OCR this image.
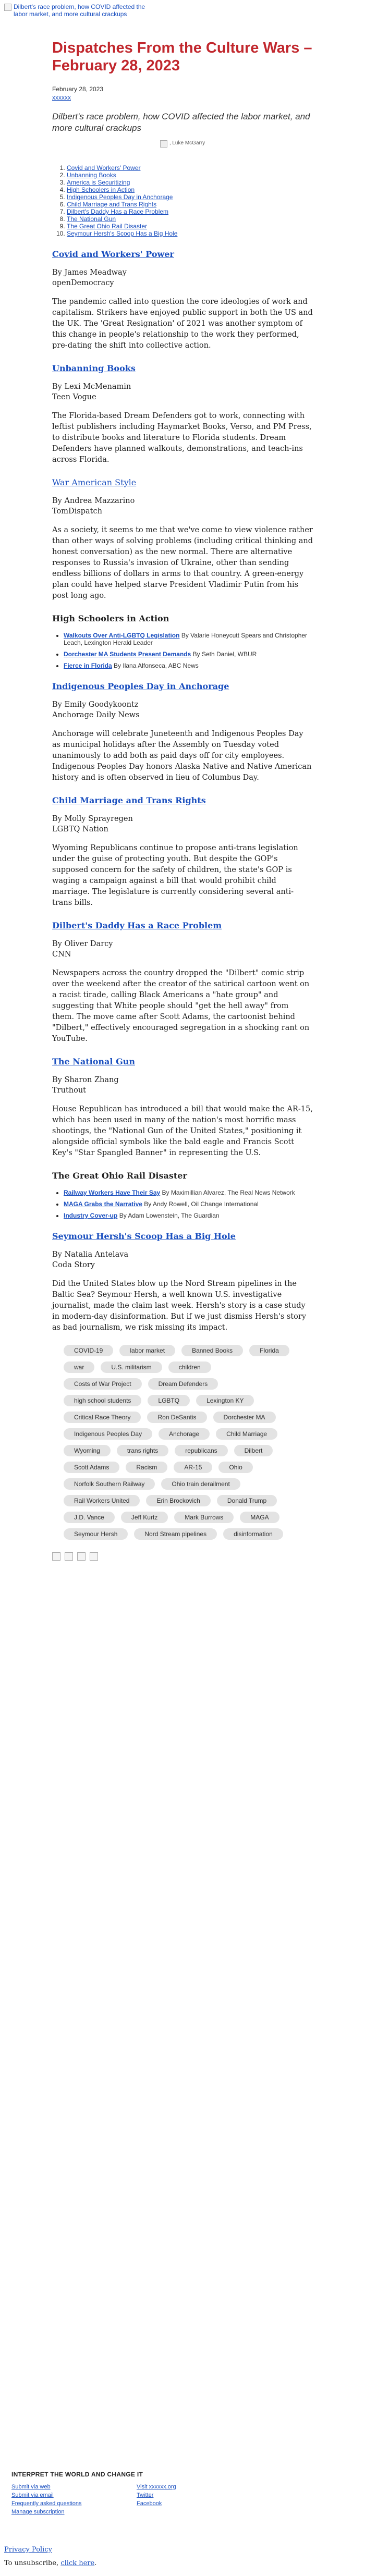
Dilbert's race problem, how COVID affected the labor market, and more cultural crackups
Dispatches From the Culture Wars – February 28, 2023
February 28, 2023
xxxxxx

Dilbert's race problem, how COVID affected the labor market, and more cultural crackups

, Luke McGarry
1. Covid and Workers' Power
2. Unbanning Books
3. America is Securitizing
4. High Schoolers in Action
5. Indigenous Peoples Day in Anchorage
6. Child Marriage and Trans Rights
7. Dilbert's Daddy Has a Race Problem
8. The National Gun
9. The Great Ohio Rail Disaster
10. Seymour Hersh's Scoop Has a Big Hole
Covid and Workers' Power
By James Meadway
openDemocracy

The pandemic called into question the core ideologies of work and capitalism. Strikers have enjoyed public support in both the US and the UK. The 'Great Resignation' of 2021 was another symptom of this change in people's relationship to the work they performed, pre-dating the shift into collective action.

Unbanning Books
By Lexi McMenamin
Teen Vogue

The Florida-based Dream Defenders got to work, connecting with leftist publishers including Haymarket Books, Verso, and PM Press, to distribute books and literature to Florida students. Dream Defenders have planned walkouts, demonstrations, and teach-ins across Florida.

War American Style
By Andrea Mazzarino
TomDispatch

As a society, it seems to me that we've come to view violence rather than other ways of solving problems (including critical thinking and honest conversation) as the new normal. There are alternative responses to Russia's invasion of Ukraine, other than sending endless billions of dollars in arms to that country. A green-energy plan could have helped starve President Vladimir Putin from his post long ago.

High Schoolers in Action
• Walkouts Over Anti-LGBTQ Legislation By Valarie Honeycutt Spears and Christopher Leach, Lexington Herald Leader
• Dorchester MA Students Present Demands By Seth Daniel, WBUR
• Fierce in Florida By Ilana Alfonseca, ABC News
Indigenous Peoples Day in Anchorage
By Emily Goodykoontz
Anchorage Daily News

Anchorage will celebrate Juneteenth and Indigenous Peoples Day as municipal holidays after the Assembly on Tuesday voted unanimously to add both as paid days off for city employees. Indigenous Peoples Day honors Alaska Native and Native American history and is often observed in lieu of Columbus Day.

Child Marriage and Trans Rights
By Molly Sprayregen
LGBTQ Nation

Wyoming Republicans continue to propose anti-trans legislation under the guise of protecting youth. But despite the GOP's supposed concern for the safety of children, the state's GOP is waging a campaign against a bill that would prohibit child marriage. The legislature is currently considering several anti-trans bills.

Dilbert's Daddy Has a Race Problem
By Oliver Darcy
CNN

Newspapers across the country dropped the "Dilbert" comic strip over the weekend after the creator of the satirical cartoon went on a racist tirade, calling Black Americans a "hate group" and suggesting that White people should "get the hell away" from them. The move came after Scott Adams, the cartoonist behind "Dilbert," effectively encouraged segregation in a shocking rant on YouTube.

The National Gun
By Sharon Zhang
Truthout

House Republican has introduced a bill that would make the AR-15, which has been used in many of the nation's most horrific mass shootings, the "National Gun of the United States," positioning it alongside official symbols like the bald eagle and Francis Scott Key's "Star Spangled Banner" in representing the U.S.

The Great Ohio Rail Disaster
• Railway Workers Have Their Say By Maximillian Alvarez, The Real News Network
• MAGA Grabs the Narrative By Andy Rowell, Oil Change International
• Industry Cover-up By Adam Lowenstein, The Guardian
Seymour Hersh's Scoop Has a Big Hole
By Natalia Antelava
Coda Story

Did the United States blow up the Nord Stream pipelines in the Baltic Sea? Seymour Hersh, a well known U.S. investigative journalist, made the claim last week. Hersh's story is a case study in modern-day disinformation. But if we just dismiss Hersh's story as bad journalism, we risk missing its impact.

COVID-19	labor market	Banned Books	Florida
war	U.S. militarism	children
Costs of War Project	Dream Defenders
high school students	LGBTQ	Lexington KY
Critical Race Theory	Ron DeSantis	Dorchester MA
Indigenous Peoples Day	Anchorage	Child Marriage
Wyoming	trans rights	republicans	Dilbert
Scott Adams	Racism	AR-15	Ohio
Norfolk Southern Railway	Ohio train derailment
Rail Workers United	Erin Brockovich	Donald Trump
J.D. Vance	Jeff Kurtz	Mark Burrows	MAGA
Seymour Hersh	Nord Stream pipelines	disinformation
INTERPRET THE WORLD AND CHANGE IT
Submit via web	Visit xxxxxx.org
Submit via email	Twitter
Frequently asked questions	Facebook
Manage subscription
Privacy Policy
To unsubscribe, click here.
